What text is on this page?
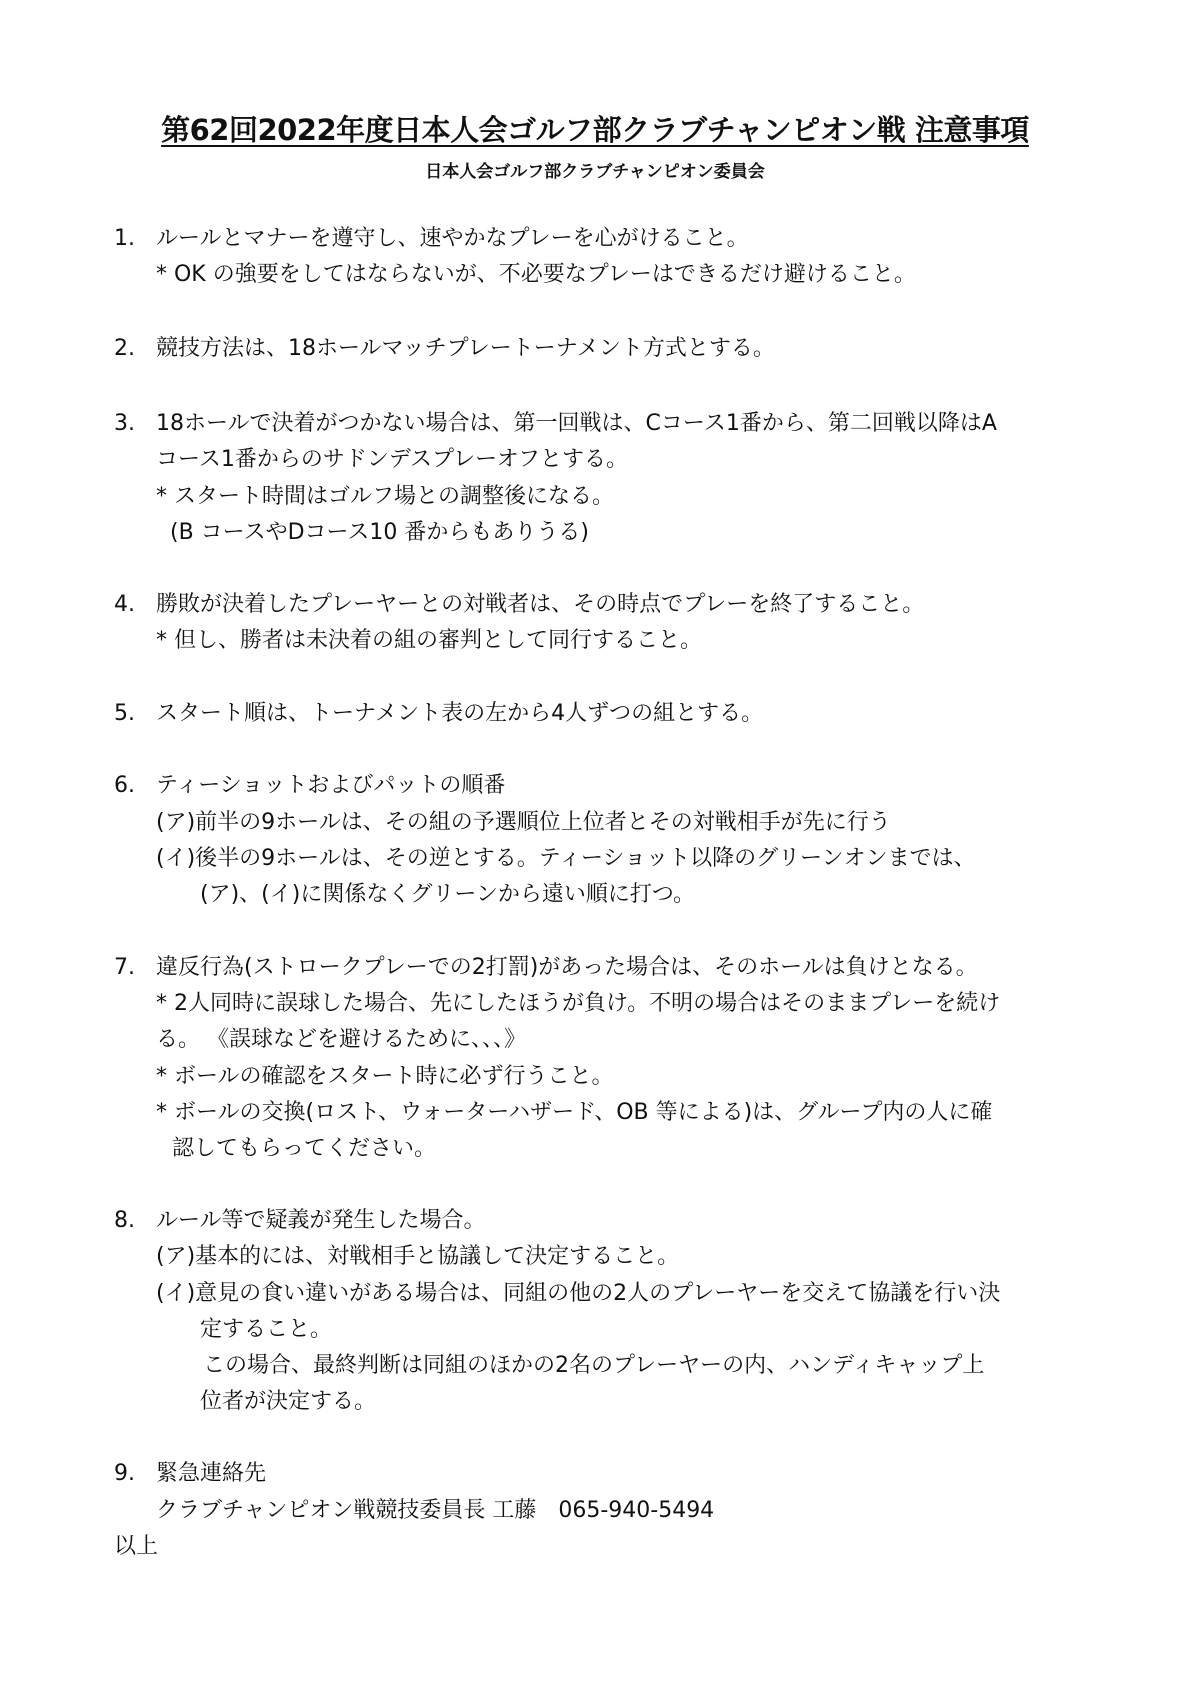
第62回2022年度日本人会ゴルフ部クラブチャンピオン戦 注意事項
日本人会ゴルフ部クラブチャンピオン委員会
1. ルールとマナーを遵守し、速やかなプレーを心がけること。
* OK の強要をしてはならないが、不必要なプレーはできるだけ避けること。
2. 競技方法は、18ホールマッチプレートーナメント方式とする。
3. 18ホールで決着がつかない場合は、第一回戦は、Cコース1番から、第二回戦以降はA
コース1番からのサドンデスプレーオフとする。
* スタート時間はゴルフ場との調整後になる。
(B コースやDコース10 番からもありうる)
4. 勝敗が決着したプレーヤーとの対戦者は、その時点でプレーを終了すること。
* 但し、勝者は未決着の組の審判として同行すること。
5. スタート順は、トーナメント表の左から4人ずつの組とする。
6. ティーショットおよびパットの順番
(ア)前半の9ホールは、その組の予選順位上位者とその対戦相手が先に行う
(イ)後半の9ホールは、その逆とする。ティーショット以降のグリーンオンまでは、
(ア)、(イ)に関係なくグリーンから遠い順に打つ。
7. 違反行為(ストロークプレーでの2打罰)があった場合は、そのホールは負けとなる。
* 2人同時に誤球した場合、先にしたほうが負け。不明の場合はそのままプレーを続け
る。 《誤球などを避けるために、、、》
* ボールの確認をスタート時に必ず行うこと。
* ボールの交換(ロスト、ウォーターハザード、OB 等による)は、グループ内の人に確
認してもらってください。
8. ルール等で疑義が発生した場合。
(ア)基本的には、対戦相手と協議して決定すること。
(イ)意見の食い違いがある場合は、同組の他の2人のプレーヤーを交えて協議を行い決
定すること。
この場合、最終判断は同組のほかの2名のプレーヤーの内、ハンディキャップ上
位者が決定する。
9. 緊急連絡先
クラブチャンピオン戦競技委員長 工藤　065-940-5494
以上
